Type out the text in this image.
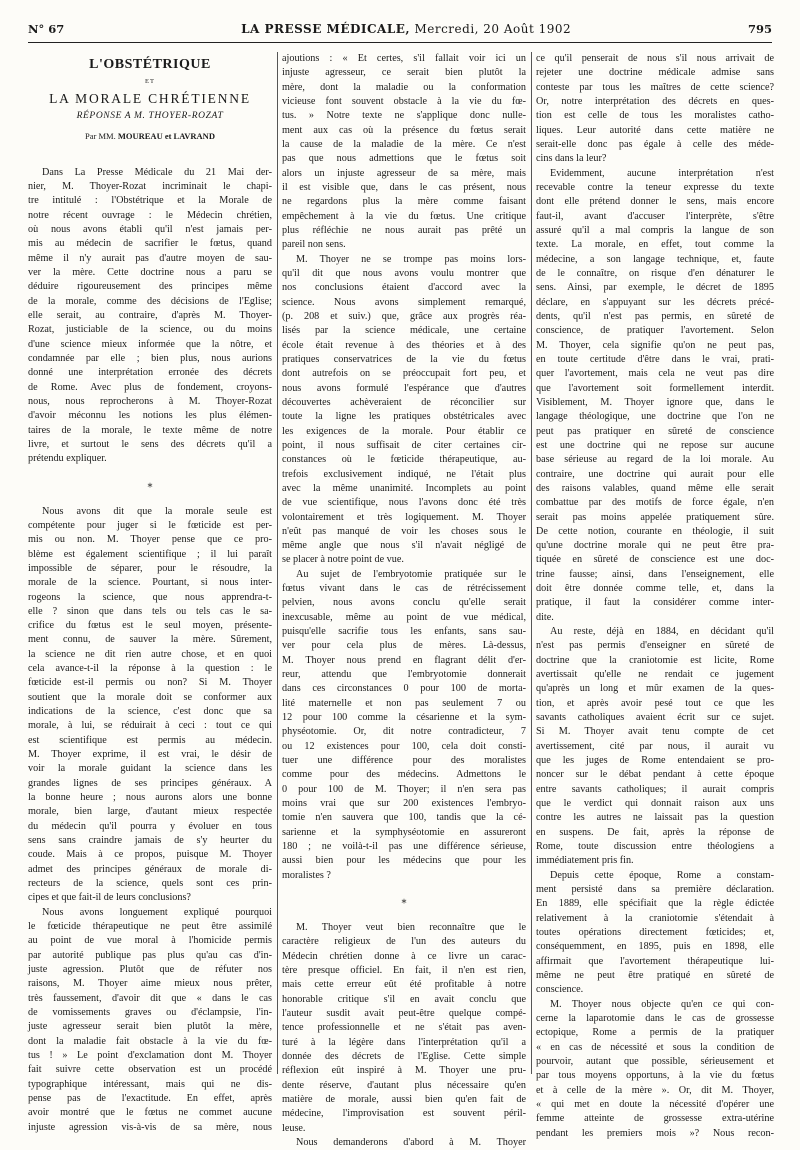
N° 67	LA PRESSE MÉDICALE, Mercredi, 20 Août 1902	795
L'OBSTÉTRIQUE
ET
LA MORALE CHRÉTIENNE
RÉPONSE A M. THOYER-ROZAT
Par MM. MOUREAU et LAVRAND
Dans La Presse Médicale du 21 Mai der-
nier, M. Thoyer-Rozat incriminait le chapi-
tre intitulé : l'Obstétrique et la Morale de
notre récent ouvrage : le Médecin chrétien,
où nous avons établi qu'il n'est jamais per-
mis au médecin de sacrifier le fœtus, quand
même il n'y aurait pas d'autre moyen de sau-
ver la mère. Cette doctrine nous a paru se
déduire rigoureusement des principes même
de la morale, comme des décisions de l'Eglise;
elle serait, au contraire, d'après M. Thoyer-
Rozat, justiciable de la science, ou du moins
d'une science mieux informée que la nôtre, et
condamnée par elle ; bien plus, nous aurions
donné une interprétation erronée des décrets
de Rome. Avec plus de fondement, croyons-
nous, nous reprocherons à M. Thoyer-Rozat
d'avoir méconnu les notions les plus élémen-
taires de la morale, le texte même de notre
livre, et surtout le sens des décrets qu'il a
prétendu expliquer.
⁎
Nous avons dit que la morale seule est
compétente pour juger si le fœticide est per-
mis ou non. M. Thoyer pense que ce pro-
blème est également scientifique ; il lui paraît
impossible de séparer, pour le résoudre, la
morale de la science. Pourtant, si nous inter-
rogeons la science, que nous apprendra-t-
elle ? sinon que dans tels ou tels cas le sa-
crifice du fœtus est le seul moyen, présente-
ment connu, de sauver la mère. Sûrement,
la science ne dit rien autre chose, et en quoi
cela avance-t-il la réponse à la question : le
fœticide est-il permis ou non? Si M. Thoyer
soutient que la morale doit se conformer aux
indications de la science, c'est donc que sa
morale, à lui, se réduirait à ceci : tout ce qui
est scientifique est permis au médecin.
M. Thoyer exprime, il est vrai, le désir de
voir la morale guidant la science dans les
grandes lignes de ses principes généraux. A
la bonne heure ; nous aurons alors une bonne
morale, bien large, d'autant mieux respectée
du médecin qu'il pourra y évoluer en tous
sens sans craindre jamais de s'y heurter du
coude. Mais à ce propos, puisque M. Thoyer
admet des principes généraux de morale di-
recteurs de la science, quels sont ces prin-
cipes et que fait-il de leurs conclusions?
Nous avons longuement expliqué pourquoi
le fœticide thérapeutique ne peut être assimilé
au point de vue moral à l'homicide permis
par autorité publique pas plus qu'au cas d'in-
juste agression. Plutôt que de réfuter nos
raisons, M. Thoyer aime mieux nous prêter,
très faussement, d'avoir dit que « dans le cas
de vomissements graves ou d'éclampsie, l'in-
juste agresseur serait bien plutôt la mère,
dont la maladie fait obstacle à la vie du fœ-
tus ! » Le point d'exclamation dont M. Thoyer
fait suivre cette observation est un procédé
typographique intéressant, mais qui ne dis-
pense pas de l'exactitude. En effet, après
avoir montré que le fœtus ne commet aucune
injuste agression vis-à-vis de sa mère, nous
ajoutions : « Et certes, s'il fallait voir ici un
injuste agresseur, ce serait bien plutôt la
mère, dont la maladie ou la conformation
vicieuse font souvent obstacle à la vie du fœ-
tus. » Notre texte ne s'applique donc nulle-
ment aux cas où la présence du fœtus serait
la cause de la maladie de la mère. Ce n'est
pas que nous admettions que le fœtus soit
alors un injuste agresseur de sa mère, mais
il est visible que, dans le cas présent, nous
ne regardons plus la mère comme faisant
empêchement à la vie du fœtus. Une critique
plus réfléchie ne nous aurait pas prêté un
pareil non sens.
M. Thoyer ne se trompe pas moins lors-
qu'il dit que nous avons voulu montrer que
nos conclusions étaient d'accord avec la
science. Nous avons simplement remarqué,
(p. 208 et suiv.) que, grâce aux progrès réa-
lisés par la science médicale, une certaine
école était revenue à des théories et à des
pratiques conservatrices de la vie du fœtus
dont autrefois on se préoccupait fort peu, et
nous avons formulé l'espérance que d'autres
découvertes achèveraient de réconcilier sur
toute la ligne les pratiques obstétricales avec
les exigences de la morale. Pour établir ce
point, il nous suffisait de citer certaines cir-
constances où le fœticide thérapeutique, au-
trefois exclusivement indiqué, ne l'était plus
avec la même unanimité. Incomplets au point
de vue scientifique, nous l'avons donc été très
volontairement et très logiquement. M. Thoyer
n'eût pas manqué de voir les choses sous le
même angle que nous s'il n'avait négligé de
se placer à notre point de vue.
Au sujet de l'embryotomie pratiquée sur le
fœtus vivant dans le cas de rétrécissement
pelvien, nous avons conclu qu'elle serait
inexcusable, même au point de vue médical,
puisqu'elle sacrifie tous les enfants, sans sau-
ver pour cela plus de mères. Là-dessus,
M. Thoyer nous prend en flagrant délit d'er-
reur, attendu que l'embryotomie donnerait
dans ces circonstances 0 pour 100 de morta-
lité maternelle et non pas seulement 7 ou
12 pour 100 comme la césarienne et la sym-
physéotomie. Or, dit notre contradicteur, 7
ou 12 existences pour 100, cela doit consti-
tuer une différence pour des moralistes
comme pour des médecins. Admettons le
0 pour 100 de M. Thoyer; il n'en sera pas
moins vrai que sur 200 existences l'embryo-
tomie n'en sauvera que 100, tandis que la cé-
sarienne et la symphyséotomie en assureront
180 ; ne voilà-t-il pas une différence sérieuse,
aussi bien pour les médecins que pour les
moralistes ?
⁎
M. Thoyer veut bien reconnaître que le
caractère religieux de l'un des auteurs du
Médecin chrétien donne à ce livre un carac-
tère presque officiel. En fait, il n'en est rien,
mais cette erreur eût été profitable à notre
honorable critique s'il en avait conclu que
l'auteur susdit avait peut-être quelque compé-
tence professionnelle et ne s'était pas aven-
turé à la légère dans l'interprétation qu'il a
donnée des décrets de l'Eglise. Cette simple
réflexion eût inspiré à M. Thoyer une pru-
dente réserve, d'autant plus nécessaire qu'en
matière de morale, aussi bien qu'en fait de
médecine, l'improvisation est souvent péril-
leuse.
Nous demanderons d'abord à M. Thoyer
ce qu'il penserait de nous s'il nous arrivait de
rejeter une doctrine médicale admise sans
conteste par tous les maîtres de cette science?
Or, notre interprétation des décrets en ques-
tion est celle de tous les moralistes catho-
liques. Leur autorité dans cette matière ne
serait-elle donc pas égale à celle des méde-
cins dans la leur?
Evidemment, aucune interprétation n'est
recevable contre la teneur expresse du texte
dont elle prétend donner le sens, mais encore
faut-il, avant d'accuser l'interprète, s'être
assuré qu'il a mal compris la langue de son
texte. La morale, en effet, tout comme la
médecine, a son langage technique, et, faute
de le connaître, on risque d'en dénaturer le
sens. Ainsi, par exemple, le décret de 1895
déclare, en s'appuyant sur les décrets précé-
dents, qu'il n'est pas permis, en sûreté de
conscience, de pratiquer l'avortement. Selon
M. Thoyer, cela signifie qu'on ne peut pas,
en toute certitude d'être dans le vrai, prati-
quer l'avortement, mais cela ne veut pas dire
que l'avortement soit formellement interdit.
Visiblement, M. Thoyer ignore que, dans le
langage théologique, une doctrine que l'on ne
peut pas pratiquer en sûreté de conscience
est une doctrine qui ne repose sur aucune
base sérieuse au regard de la loi morale. Au
contraire, une doctrine qui aurait pour elle
des raisons valables, quand même elle serait
combattue par des motifs de force égale, n'en
serait pas moins appelée pratiquement sûre.
De cette notion, courante en théologie, il suit
qu'une doctrine morale qui ne peut être pra-
tiquée en sûreté de conscience est une doc-
trine fausse; ainsi, dans l'enseignement, elle
doit être donnée comme telle, et, dans la
pratique, il faut la considérer comme inter-
dite.
Au reste, déjà en 1884, en décidant qu'il
n'est pas permis d'enseigner en sûreté de
doctrine que la craniotomie est licite, Rome
avertissait qu'elle ne rendait ce jugement
qu'après un long et mûr examen de la ques-
tion, et après avoir pesé tout ce que les
savants catholiques avaient écrit sur ce sujet.
Si M. Thoyer avait tenu compte de cet
avertissement, cité par nous, il aurait vu
que les juges de Rome entendaient se pro-
noncer sur le débat pendant à cette époque
entre savants catholiques; il aurait compris
que le verdict qui donnait raison aux uns
contre les autres ne laissait pas la question
en suspens. De fait, après la réponse de
Rome, toute discussion entre théologiens a
immédiatement pris fin.
Depuis cette époque, Rome a constam-
ment persisté dans sa première déclaration.
En 1889, elle spécifiait que la règle édictée
relativement à la craniotomie s'étendait à
toutes opérations directement fœticides; et,
conséquemment, en 1895, puis en 1898, elle
affirmait que l'avortement thérapeutique lui-
même ne peut être pratiqué en sûreté de
conscience.
M. Thoyer nous objecte qu'en ce qui con-
cerne la laparotomie dans le cas de grossesse
ectopique, Rome a permis de la pratiquer
« en cas de nécessité et sous la condition de
pourvoir, autant que possible, sérieusement et
par tous moyens opportuns, à la vie du fœtus
et à celle de la mère ». Or, dit M. Thoyer,
« qui met en doute la nécessité d'opérer une
femme atteinte de grossesse extra-utérine
pendant les premiers mois »? Nous recon-
